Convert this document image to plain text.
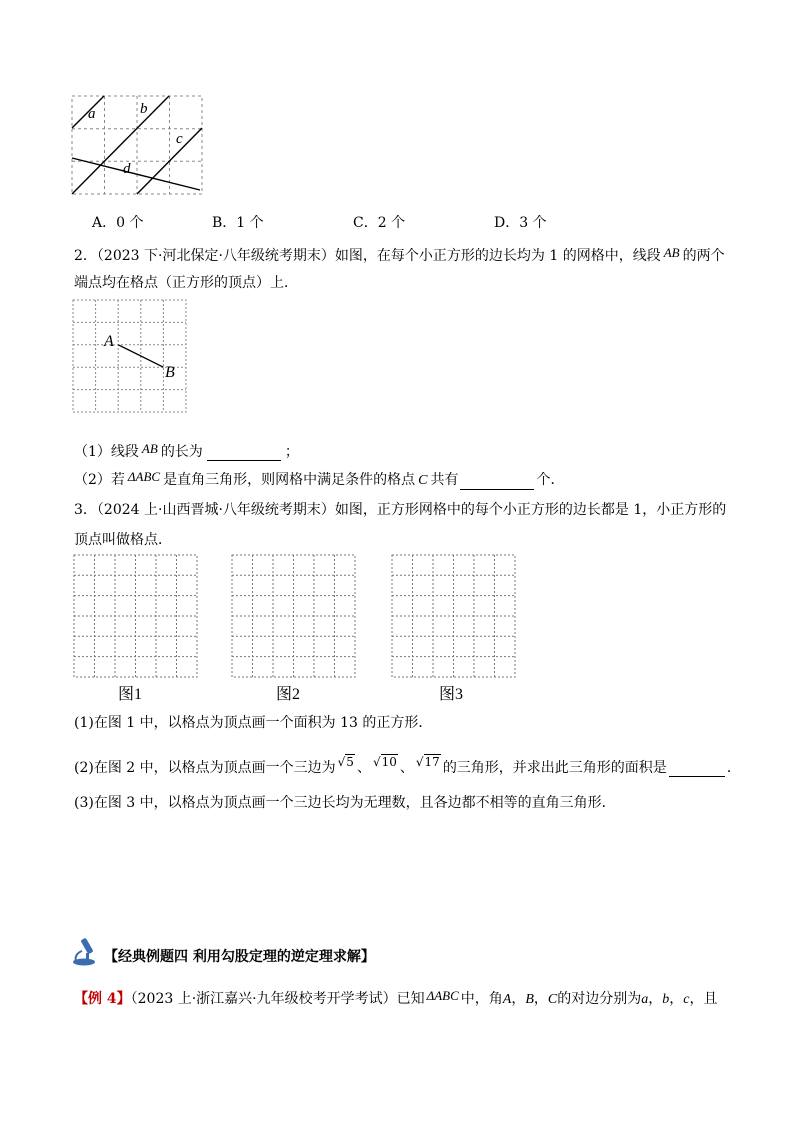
a	b
c
d
A．0 个	B．1 个	C．2 个	D．3 个
2．（2023 下·河北保定·八年级统考期末）如图，在每个小正方形的边长均为 1 的网格中，线段 AB 的两个
端点均在格点（正方形的顶点）上．
A
B
（1）线段 AB 的长为	；
（2）若 ΔABC 是直角三角形，则网格中满足条件的格点 C 共有	个．
3．（2024 上·山西晋城·八年级统考期末）如图，正方形网格中的每个小正方形的边长都是 1，小正方形的
顶点叫做格点．
图1	图2	图3
(1)在图 1 中，以格点为顶点画一个面积为 13 的正方形．
(2)在图 2 中，以格点为顶点画一个三边为 √5 、 √10 、 √17 的三角形，并求出此三角形的面积是	．
(3)在图 3 中，以格点为顶点画一个三边长均为无理数，且各边都不相等的直角三角形．
【经典例题四 利用勾股定理的逆定理求解】
【例 4】（2023 上·浙江嘉兴·九年级校考开学考试）已知 ΔABC 中，角A，B，C的对边分别为a，b，c，且
